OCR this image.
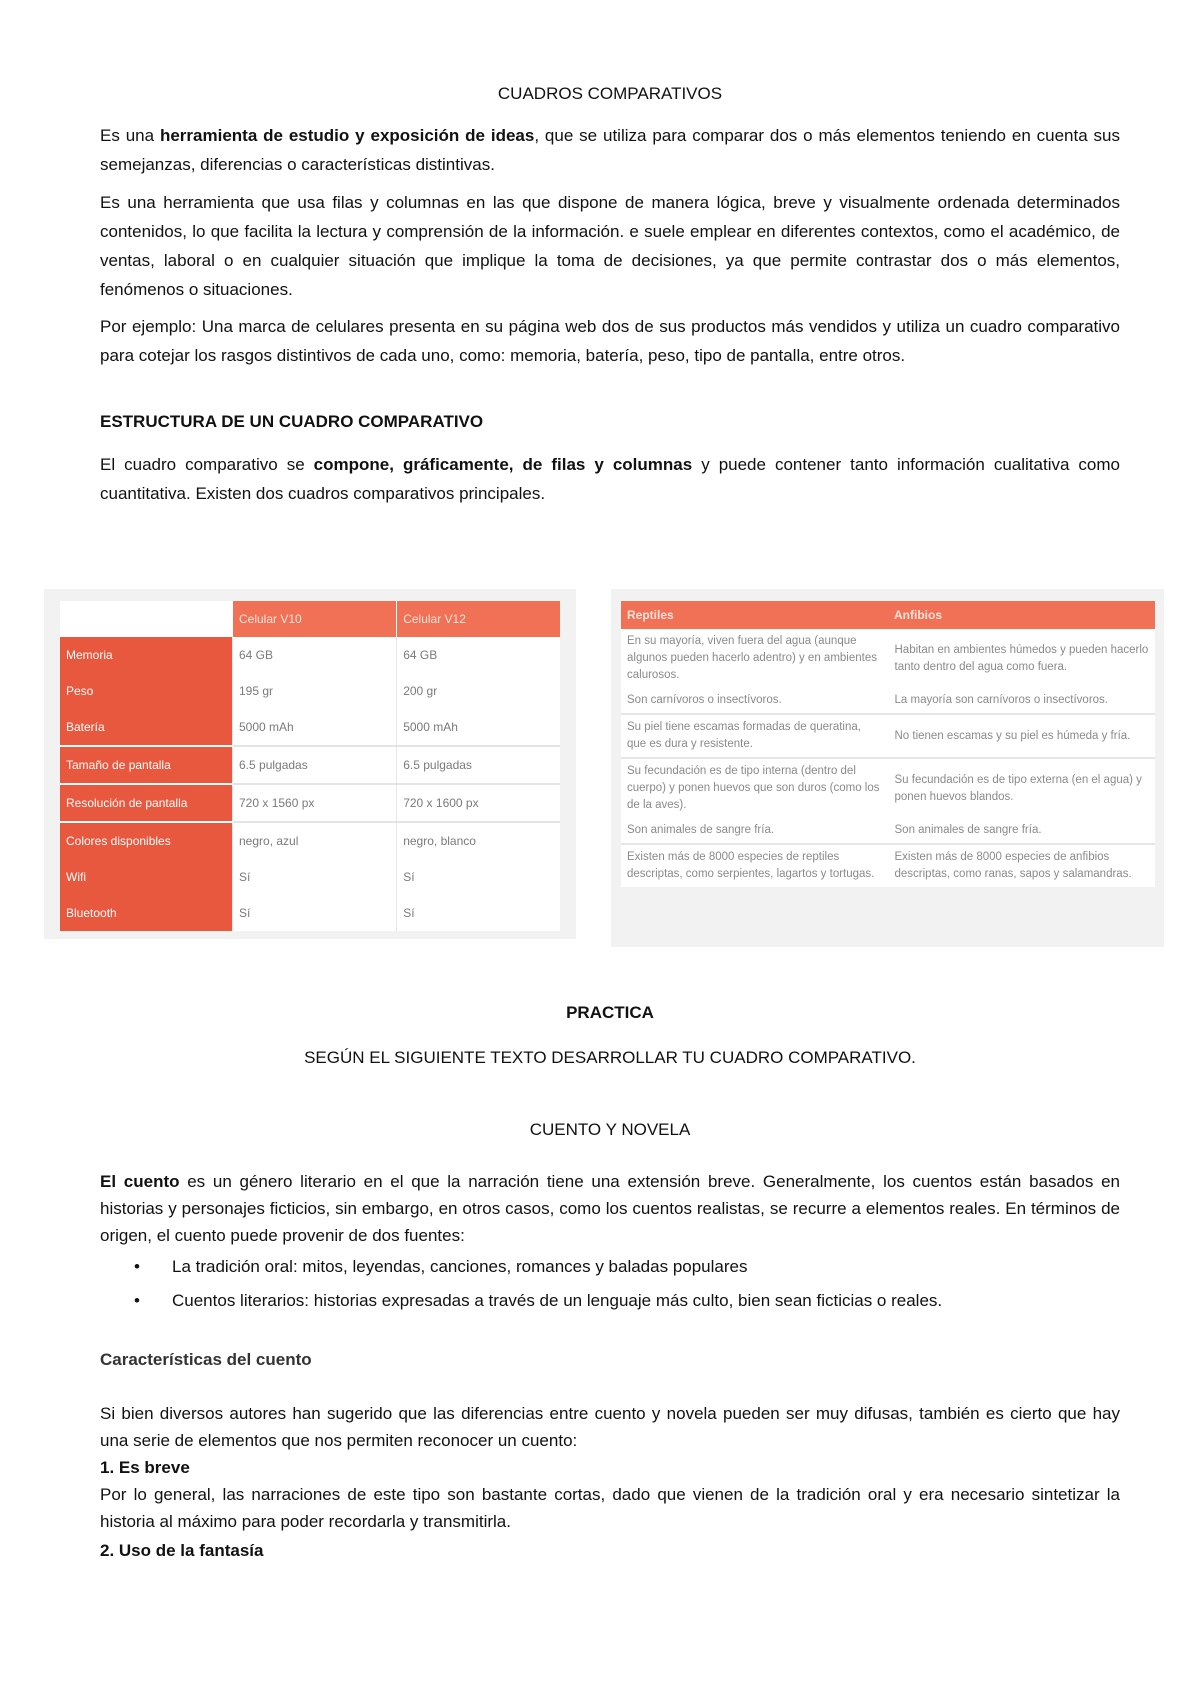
CUADROS COMPARATIVOS

Es una herramienta de estudio y exposición de ideas, que se utiliza para comparar dos o más elementos teniendo en cuenta sus semejanzas, diferencias o características distintivas.

Es una herramienta que usa filas y columnas en las que dispone de manera lógica, breve y visualmente ordenada determinados contenidos, lo que facilita la lectura y comprensión de la información. e suele emplear en diferentes contextos, como el académico, de ventas, laboral o en cualquier situación que implique la toma de decisiones, ya que permite contrastar dos o más elementos, fenómenos o situaciones.

Por ejemplo: Una marca de celulares presenta en su página web dos de sus productos más vendidos y utiliza un cuadro comparativo para cotejar los rasgos distintivos de cada uno, como: memoria, batería, peso, tipo de pantalla, entre otros.

ESTRUCTURA DE UN CUADRO COMPARATIVO

El cuadro comparativo se compone, gráficamente, de filas y columnas y puede contener tanto información cualitativa como cuantitativa. Existen dos cuadros comparativos principales.

	Celular V10	Celular V12
Memoria	64 GB	64 GB
Peso	195 gr	200 gr
Batería	5000 mAh	5000 mAh
Tamaño de pantalla	6.5 pulgadas	6.5 pulgadas
Resolución de pantalla	720 x 1560 px	720 x 1600 px
Colores disponibles	negro, azul	negro, blanco
Wifi	Sí	Sí
Bluetooth	Sí	Sí
Reptiles	Anfibios
En su mayoría, viven fuera del agua (aunque algunos pueden hacerlo adentro) y en ambientes calurosos.	Habitan en ambientes húmedos y pueden hacerlo tanto dentro del agua como fuera.
Son carnívoros o insectívoros.	La mayoría son carnívoros o insectívoros.
Su piel tiene escamas formadas de queratina, que es dura y resistente.	No tienen escamas y su piel es húmeda y fría.
Su fecundación es de tipo interna (dentro del cuerpo) y ponen huevos que son duros (como los de la aves).	Su fecundación es de tipo externa (en el agua) y ponen huevos blandos.
Son animales de sangre fría.	Son animales de sangre fría.
Existen más de 8000 especies de reptiles descriptas, como serpientes, lagartos y tortugas.	Existen más de 8000 especies de anfibios descriptas, como ranas, sapos y salamandras.
PRACTICA
SEGÚN EL SIGUIENTE TEXTO DESARROLLAR TU CUADRO COMPARATIVO.
CUENTO Y NOVELA

El cuento es un género literario en el que la narración tiene una extensión breve. Generalmente, los cuentos están basados en historias y personajes ficticios, sin embargo, en otros casos, como los cuentos realistas, se recurre a elementos reales. En términos de origen, el cuento puede provenir de dos fuentes:

• La tradición oral: mitos, leyendas, canciones, romances y baladas populares
• Cuentos literarios: historias expresadas a través de un lenguaje más culto, bien sean ficticias o reales.
Características del cuento

Si bien diversos autores han sugerido que las diferencias entre cuento y novela pueden ser muy difusas, también es cierto que hay una serie de elementos que nos permiten reconocer un cuento:

1. Es breve

Por lo general, las narraciones de este tipo son bastante cortas, dado que vienen de la tradición oral y era necesario sintetizar la historia al máximo para poder recordarla y transmitirla.

2. Uso de la fantasía
